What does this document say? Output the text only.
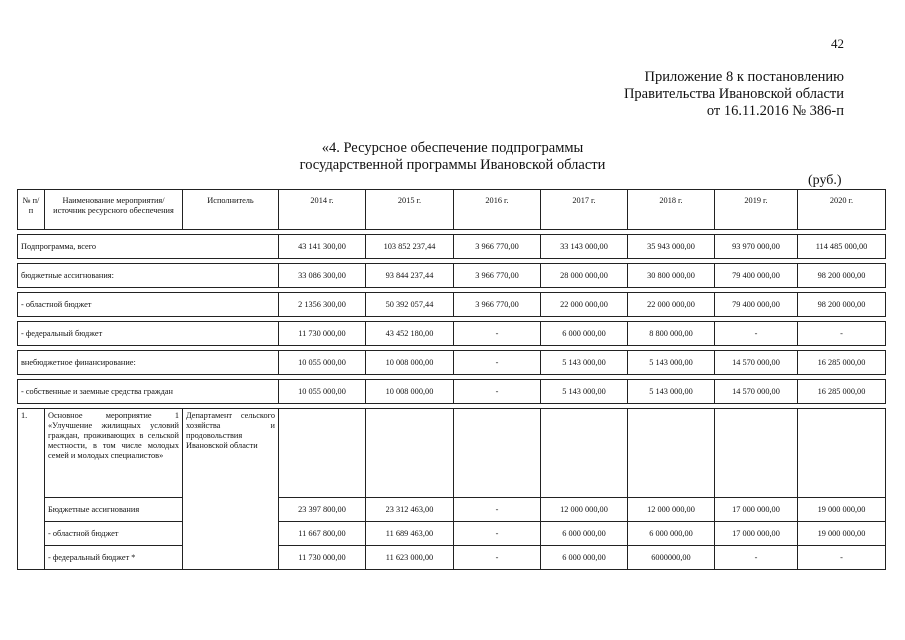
42
Приложение 8 к постановлению
Правительства Ивановской области
от 16.11.2016 № 386-п
«4. Ресурсное обеспечение подпрограммы
государственной программы Ивановской области
(руб.)
№ п/п	Наименование мероприятия/источник ресурсного обеспечения	Исполнитель	2014 г.	2015 г.	2016 г.	2017 г.	2018 г.	2019 г.	2020 г.

Подпрограмма, всего			43 141 300,00	103 852 237,44	3 966 770,00	33 143 000,00	35 943 000,00	93 970 000,00	114 485 000,00

бюджетные ассигнования:			33 086 300,00	93 844 237,44	3 966 770,00	28 000 000,00	30 800 000,00	79 400 000,00	98 200 000,00

- областной бюджет			2 1356 300,00	50 392 057,44	3 966 770,00	22 000 000,00	22 000 000,00	79 400 000,00	98 200 000,00

- федеральный бюджет			11 730 000,00	43 452 180,00	-	6 000 000,00	8 800 000,00	-	-

внебюджетное финансирование:			10 055 000,00	10 008 000,00	-	5 143 000,00	5 143 000,00	14 570 000,00	16 285 000,00

- собственные и заемные средства граждан			10 055 000,00	10 008 000,00	-	5 143 000,00	5 143 000,00	14 570 000,00	16 285 000,00

1.	Основное мероприятие 1 «Улучшение жилищных условий граждан, проживающих в сельской местности, в том числе молодых семей и молодых специалистов»	Департамент сельского хозяйства и продовольствия Ивановской области							
	Бюджетные ассигнования		23 397 800,00	23 312 463,00	-	12 000 000,00	12 000 000,00	17 000 000,00	19 000 000,00
	- областной бюджет		11 667 800,00	11 689 463,00	-	6 000 000,00	6 000 000,00	17 000 000,00	19 000 000,00
	- федеральный бюджет *		11 730 000,00	11 623 000,00	-	6 000 000,00	6000000,00	-	-
